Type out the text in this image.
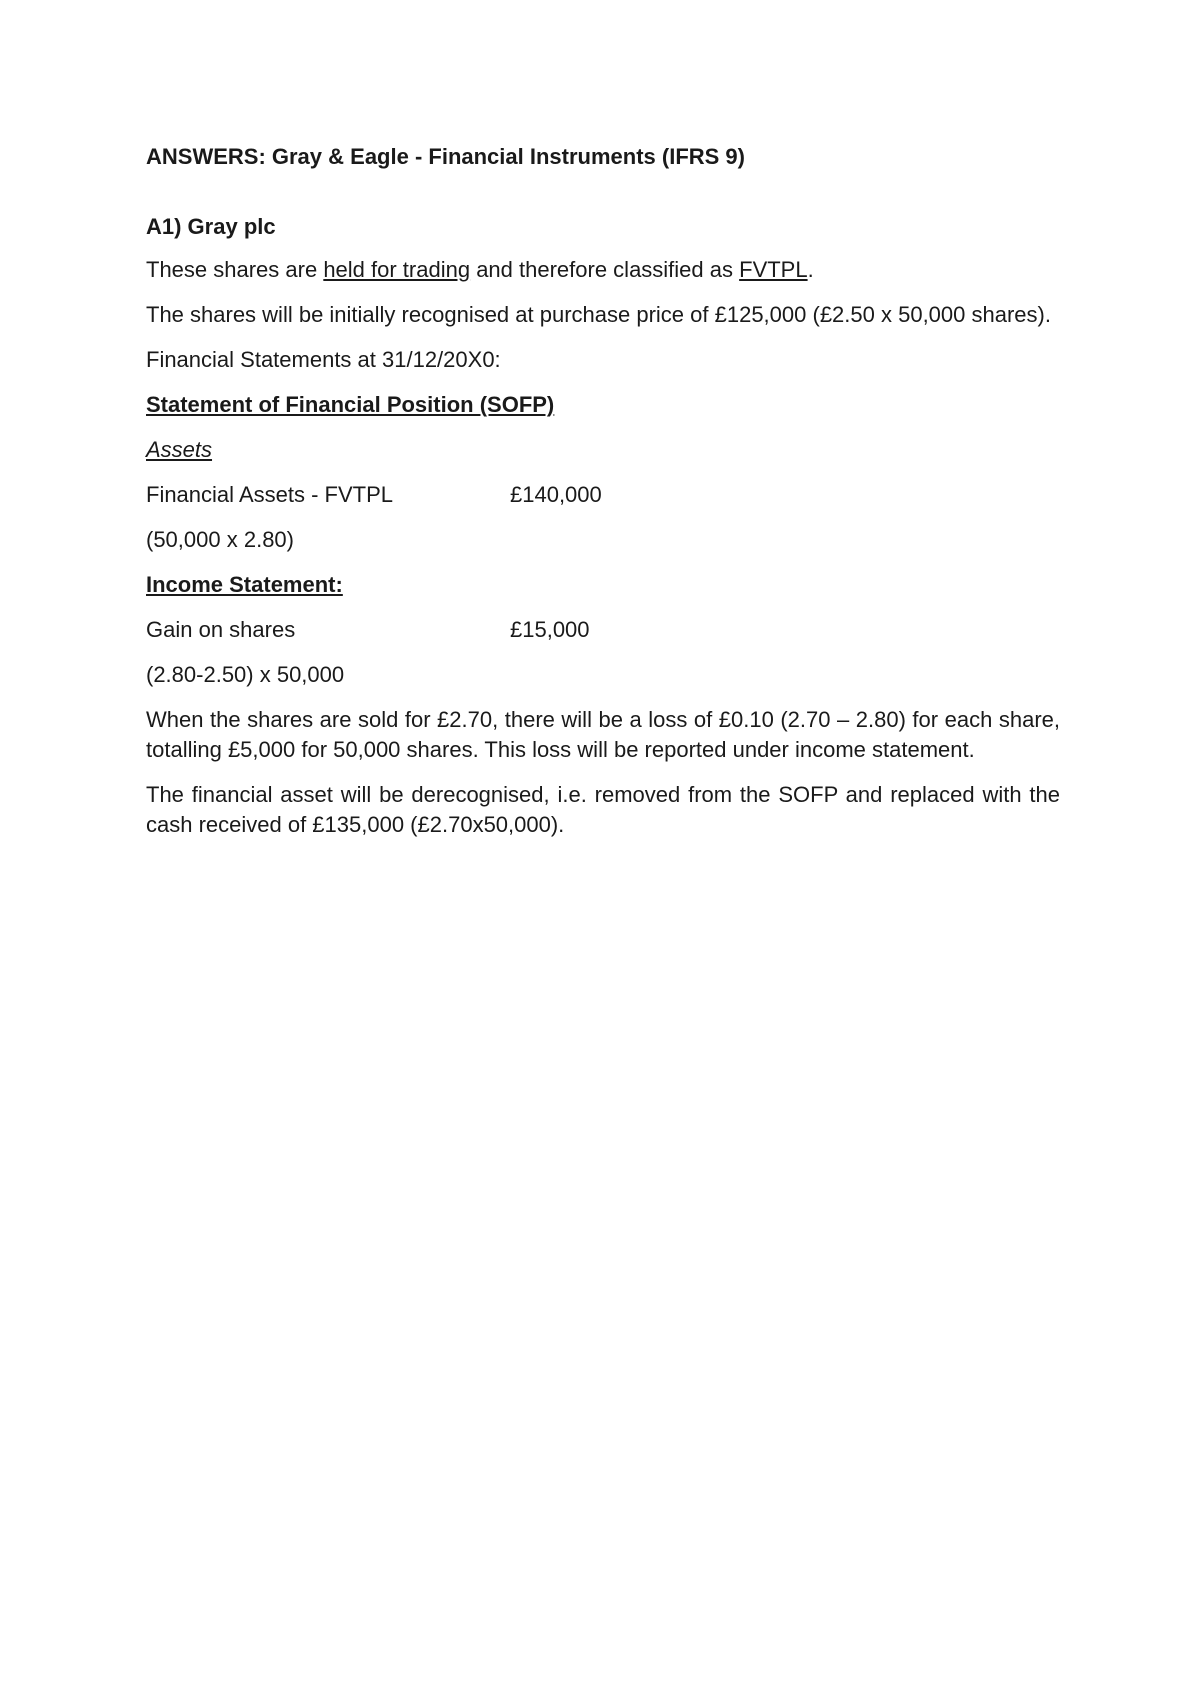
ANSWERS: Gray & Eagle - Financial Instruments (IFRS 9)

A1) Gray plc

These shares are held for trading and therefore classified as FVTPL.

The shares will be initially recognised at purchase price of £125,000 (£2.50 x 50,000 shares).

Financial Statements at 31/12/20X0:

Statement of Financial Position (SOFP)

Assets

Financial Assets - FVTPL	£140,000

(50,000 x 2.80)

Income Statement:

Gain on shares	£15,000

(2.80-2.50) x 50,000

When the shares are sold for £2.70, there will be a loss of £0.10 (2.70 – 2.80) for each share, totalling £5,000 for 50,000 shares. This loss will be reported under income statement.

The financial asset will be derecognised, i.e. removed from the SOFP and replaced with the cash received of £135,000 (£2.70x50,000).
